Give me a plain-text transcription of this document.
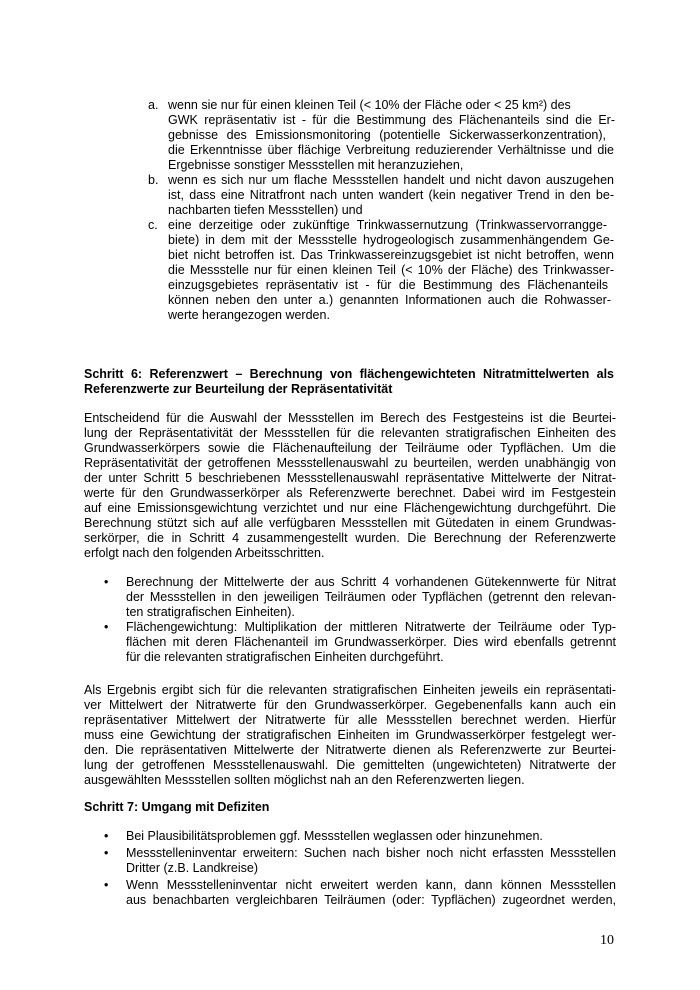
a. wenn sie nur für einen kleinen Teil (< 10% der Fläche oder < 25 km²) des
GWK repräsentativ ist - für die Bestimmung des Flächenanteils sind die Er-
gebnisse des Emissionsmonitoring (potentielle Sickerwasserkonzentration),
die Erkenntnisse über flächige Verbreitung reduzierender Verhältnisse und die
Ergebnisse sonstiger Messstellen mit heranzuziehen,
b. wenn es sich nur um flache Messstellen handelt und nicht davon auszugehen
ist, dass eine Nitratfront nach unten wandert (kein negativer Trend in den be-
nachbarten tiefen Messstellen) und
c. eine derzeitige oder zukünftige Trinkwassernutzung (Trinkwasservorrangge-
biete) in dem mit der Messstelle hydrogeologisch zusammenhängendem Ge-
biet nicht betroffen ist. Das Trinkwassereinzugsgebiet ist nicht betroffen, wenn
die Messstelle nur für einen kleinen Teil (< 10% der Fläche) des Trinkwasser-
einzugsgebietes repräsentativ ist - für die Bestimmung des Flächenanteils
können neben den unter a.) genannten Informationen auch die Rohwasser-
werte herangezogen werden.
Schritt 6: Referenzwert – Berechnung von flächengewichteten Nitratmittelwerten als
Referenzwerte zur Beurteilung der Repräsentativität
Entscheidend für die Auswahl der Messstellen im Berech des Festgesteins ist die Beurtei-
lung der Repräsentativität der Messstellen für die relevanten stratigrafischen Einheiten des
Grundwasserkörpers sowie die Flächenaufteilung der Teilräume oder Typflächen. Um die
Repräsentativität der getroffenen Messstellenauswahl zu beurteilen, werden unabhängig von
der unter Schritt 5 beschriebenen Messstellenauswahl repräsentative Mittelwerte der Nitrat-
werte für den Grundwasserkörper als Referenzwerte berechnet. Dabei wird im Festgestein
auf eine Emissionsgewichtung verzichtet und nur eine Flächengewichtung durchgeführt. Die
Berechnung stützt sich auf alle verfügbaren Messstellen mit Gütedaten in einem Grundwas-
serkörper, die in Schritt 4 zusammengestellt wurden. Die Berechnung der Referenzwerte
erfolgt nach den folgenden Arbeitsschritten.
• Berechnung der Mittelwerte der aus Schritt 4 vorhandenen Gütekennwerte für Nitrat
der Messstellen in den jeweiligen Teilräumen oder Typflächen (getrennt den relevan-
ten stratigrafischen Einheiten).
• Flächengewichtung: Multiplikation der mittleren Nitratwerte der Teilräume oder Typ-
flächen mit deren Flächenanteil im Grundwasserkörper. Dies wird ebenfalls getrennt
für die relevanten stratigrafischen Einheiten durchgeführt.
Als Ergebnis ergibt sich für die relevanten stratigrafischen Einheiten jeweils ein repräsentati-
ver Mittelwert der Nitratwerte für den Grundwasserkörper. Gegebenenfalls kann auch ein
repräsentativer Mittelwert der Nitratwerte für alle Messstellen berechnet werden. Hierfür
muss eine Gewichtung der stratigrafischen Einheiten im Grundwasserkörper festgelegt wer-
den. Die repräsentativen Mittelwerte der Nitratwerte dienen als Referenzwerte zur Beurtei-
lung der getroffenen Messstellenauswahl. Die gemittelten (ungewichteten) Nitratwerte der
ausgewählten Messstellen sollten möglichst nah an den Referenzwerten liegen.
Schritt 7: Umgang mit Defiziten
• Bei Plausibilitätsproblemen ggf. Messstellen weglassen oder hinzunehmen.
• Messstelleninventar erweitern: Suchen nach bisher noch nicht erfassten Messstellen
Dritter (z.B. Landkreise)
• Wenn Messstelleninventar nicht erweitert werden kann, dann können Messstellen
aus benachbarten vergleichbaren Teilräumen (oder: Typflächen) zugeordnet werden,
10
